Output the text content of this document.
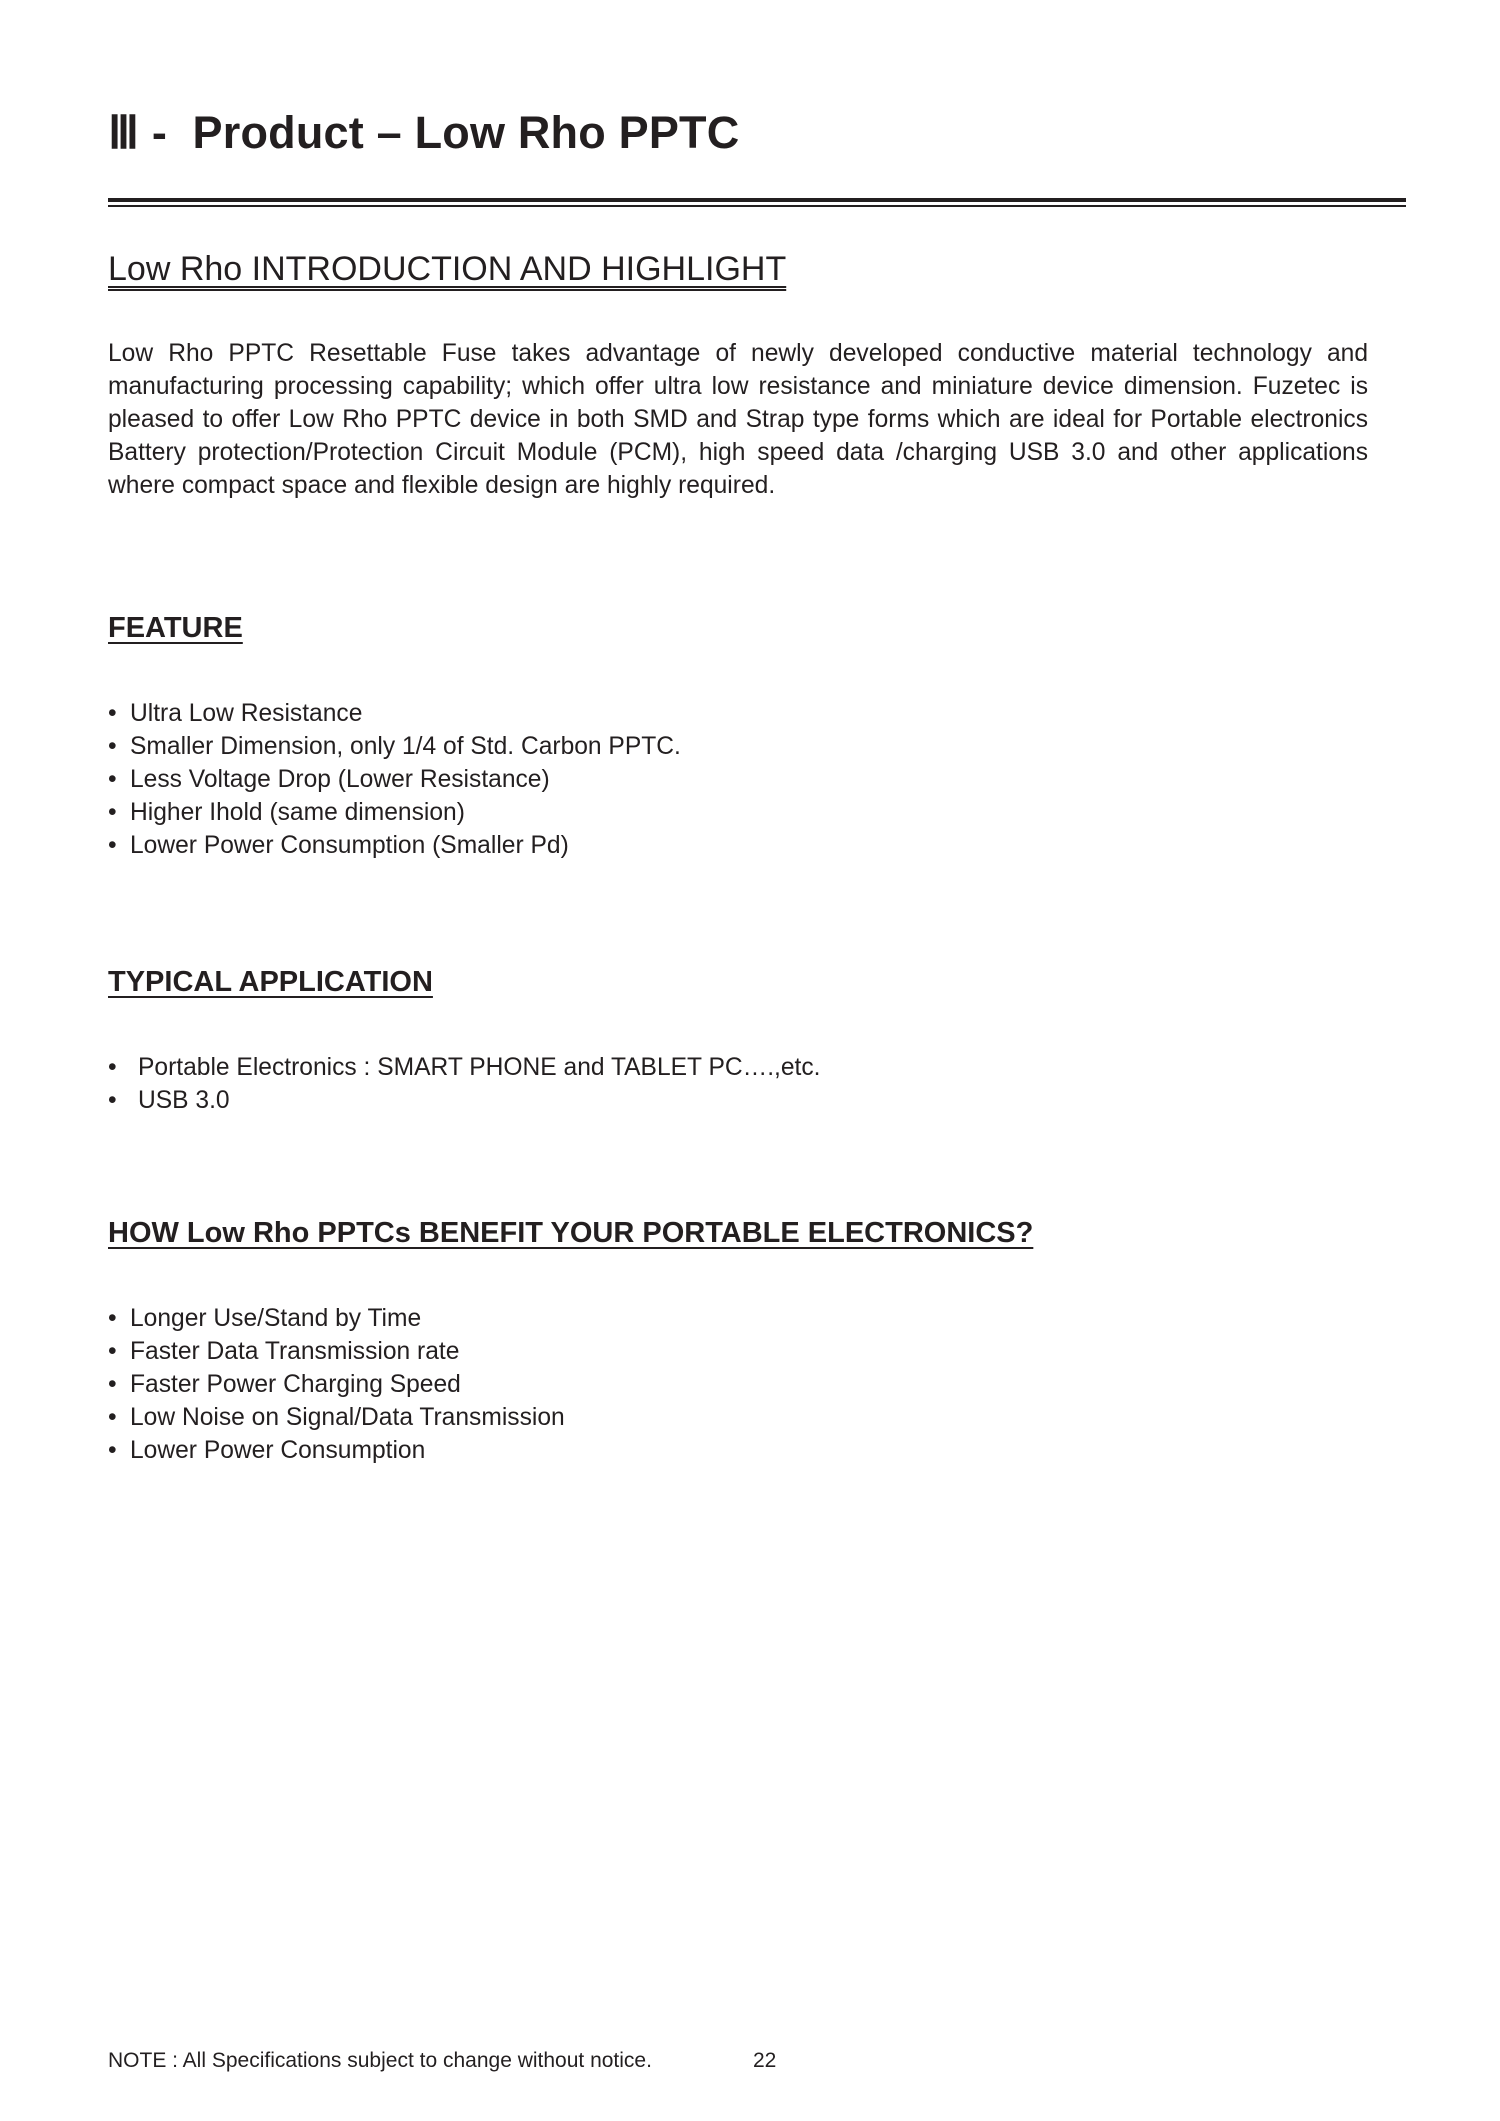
Ⅲ -  Product – Low Rho PPTC
Low Rho INTRODUCTION AND HIGHLIGHT

Low Rho PPTC Resettable Fuse takes advantage of newly developed conductive material technology and manufacturing processing capability; which offer ultra low resistance and miniature device dimension. Fuzetec is pleased to offer Low Rho PPTC device in both SMD and Strap type forms which are ideal for Portable electronics Battery protection/Protection Circuit Module (PCM), high speed data /charging USB 3.0 and other applications where compact space and flexible design are highly required.

FEATURE
• Ultra Low Resistance
• Smaller Dimension, only 1/4 of Std. Carbon PPTC.
• Less Voltage Drop (Lower Resistance)
• Higher Ihold (same dimension)
• Lower Power Consumption (Smaller Pd)
TYPICAL APPLICATION
• Portable Electronics : SMART PHONE and TABLET PC….,etc.
• USB 3.0
HOW Low Rho PPTCs BENEFIT YOUR PORTABLE ELECTRONICS?
• Longer Use/Stand by Time
• Faster Data Transmission rate
• Faster Power Charging Speed
• Low Noise on Signal/Data Transmission
• Lower Power Consumption
NOTE : All Specifications subject to change without notice.	22
